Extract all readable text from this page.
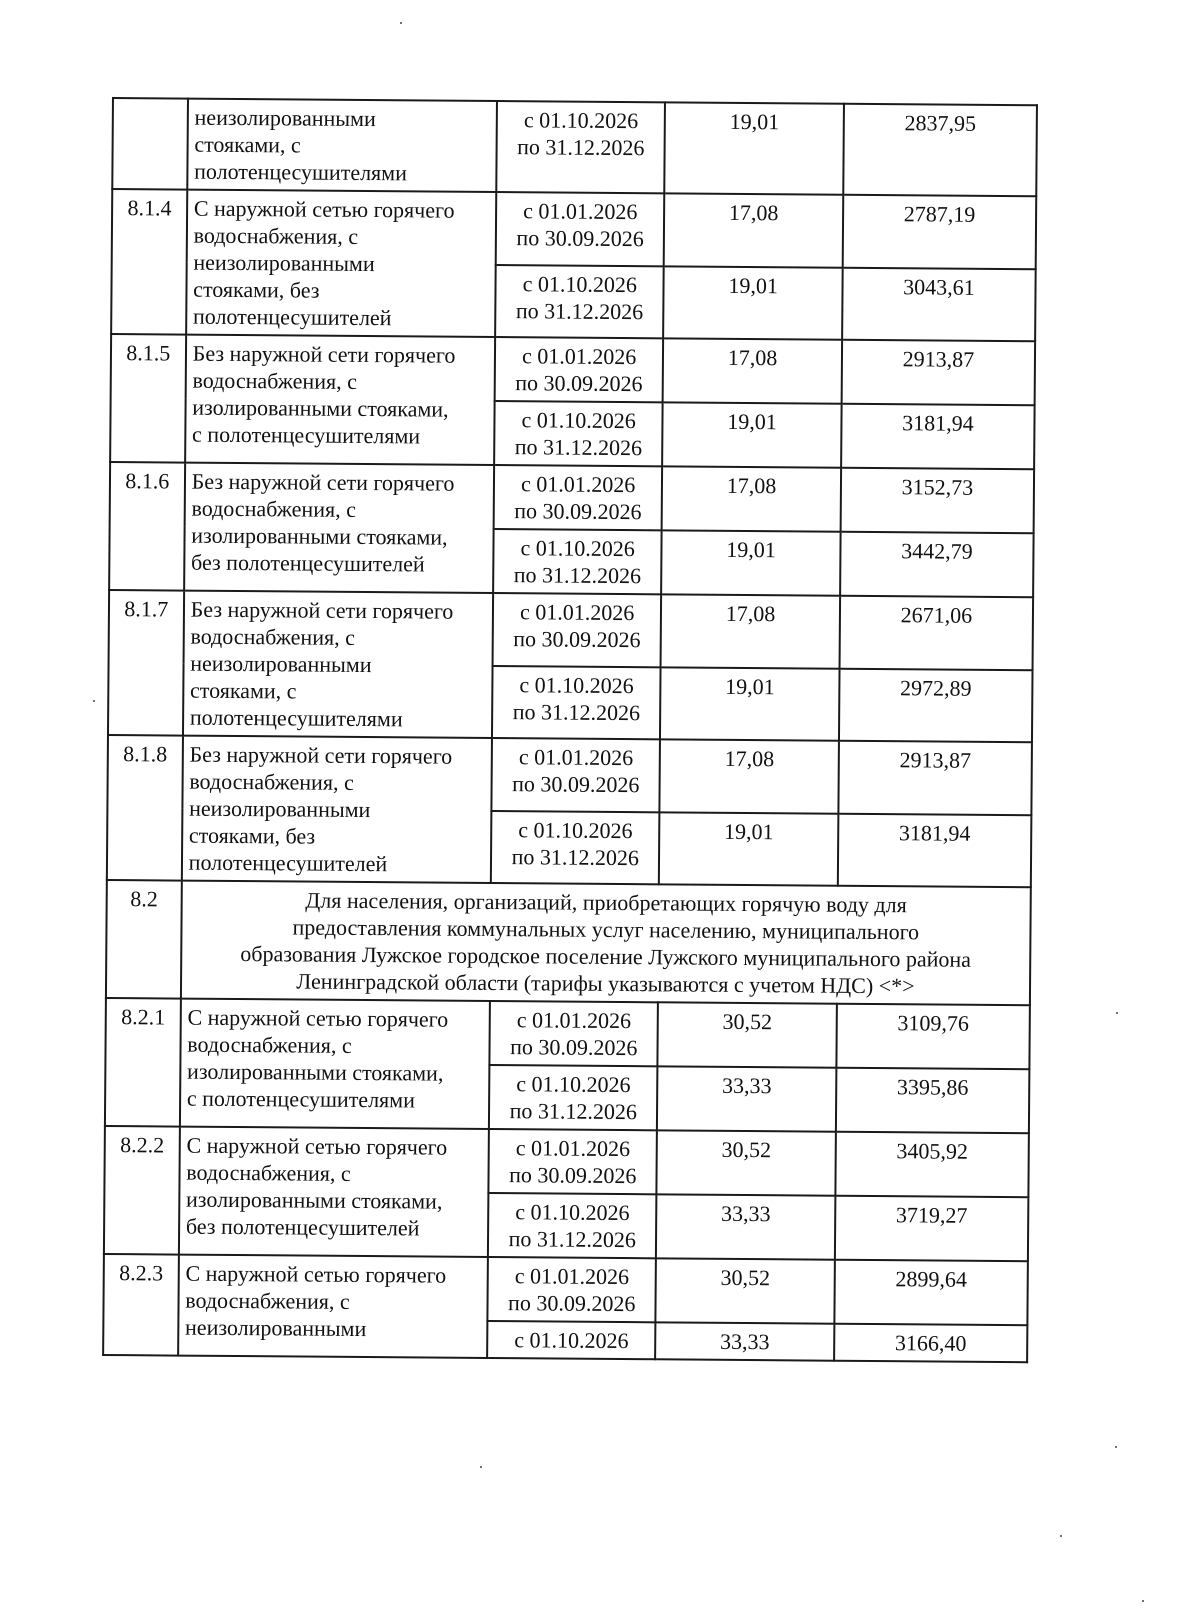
	неизолированными
стояками, с
полотенцесушителями	с 01.10.2026
по 31.12.2026	19,01	2837,95
8.1.4	С наружной сетью горячего
водоснабжения, с
неизолированными
стояками, без
полотенцесушителей	с 01.01.2026
по 30.09.2026	17,08	2787,19

		с 01.10.2026
по 31.12.2026	19,01	3043,61
8.1.5	Без наружной сети горячего
водоснабжения, с
изолированными стояками,
с полотенцесушителями	с 01.01.2026
по 30.09.2026	17,08	2913,87

		с 01.10.2026
по 31.12.2026	19,01	3181,94
8.1.6	Без наружной сети горячего
водоснабжения, с
изолированными стояками,
без полотенцесушителей	с 01.01.2026
по 30.09.2026	17,08	3152,73

		с 01.10.2026
по 31.12.2026	19,01	3442,79
8.1.7	Без наружной сети горячего
водоснабжения, с
неизолированными
стояками, с
полотенцесушителями	с 01.01.2026
по 30.09.2026	17,08	2671,06

		с 01.10.2026
по 31.12.2026	19,01	2972,89
8.1.8	Без наружной сети горячего
водоснабжения, с
неизолированными
стояками, без
полотенцесушителей	с 01.01.2026
по 30.09.2026	17,08	2913,87

		с 01.10.2026
по 31.12.2026	19,01	3181,94
8.2	Для населения, организаций, приобретающих горячую воду для
предоставления коммунальных услуг населению, муниципального
образования Лужское городское поселение Лужского муниципального района
Ленинградской области (тарифы указываются с учетом НДС) <*>			

8.2.1	С наружной сетью горячего
водоснабжения, с
изолированными стояками,
с полотенцесушителями	с 01.01.2026
по 30.09.2026	30,52	3109,76

		с 01.10.2026
по 31.12.2026	33,33	3395,86
8.2.2	С наружной сетью горячего
водоснабжения, с
изолированными стояками,
без полотенцесушителей	с 01.01.2026
по 30.09.2026	30,52	3405,92

		с 01.10.2026
по 31.12.2026	33,33	3719,27
8.2.3	С наружной сетью горячего
водоснабжения, с
неизолированными	с 01.01.2026
по 30.09.2026	30,52	2899,64

		с 01.10.2026	33,33	3166,40
